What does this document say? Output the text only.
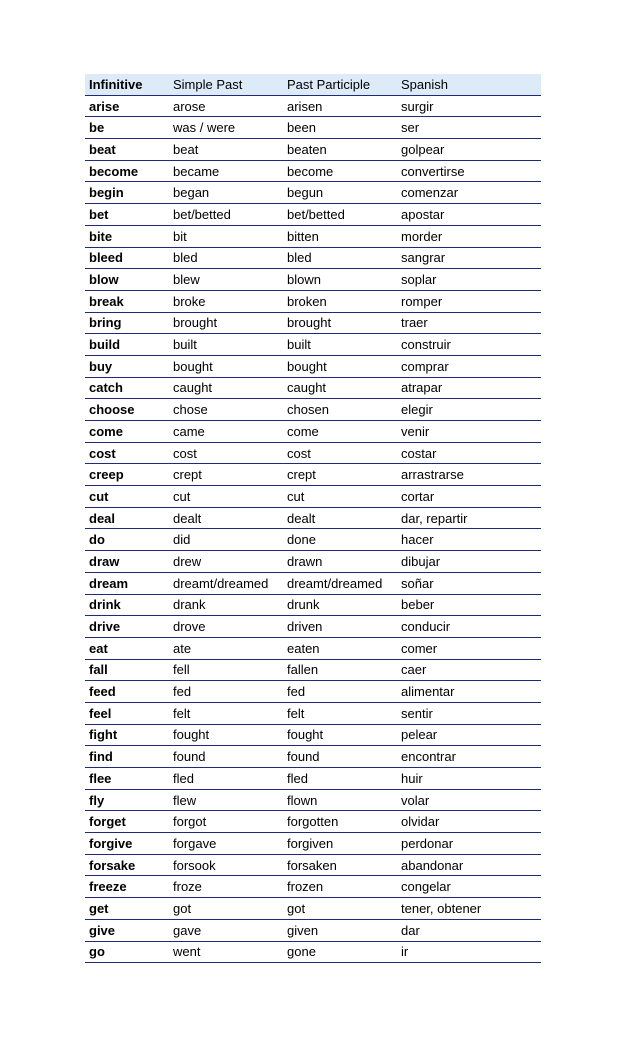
Infinitive	Simple Past	Past Participle	Spanish
arise	arose	arisen	surgir
be	was / were	been	ser
beat	beat	beaten	golpear
become	became	become	convertirse
begin	began	begun	comenzar
bet	bet/betted	bet/betted	apostar
bite	bit	bitten	morder
bleed	bled	bled	sangrar
blow	blew	blown	soplar
break	broke	broken	romper
bring	brought	brought	traer
build	built	built	construir
buy	bought	bought	comprar
catch	caught	caught	atrapar
choose	chose	chosen	elegir
come	came	come	venir
cost	cost	cost	costar
creep	crept	crept	arrastrarse
cut	cut	cut	cortar
deal	dealt	dealt	dar, repartir
do	did	done	hacer
draw	drew	drawn	dibujar
dream	dreamt/dreamed	dreamt/dreamed	soñar
drink	drank	drunk	beber
drive	drove	driven	conducir
eat	ate	eaten	comer
fall	fell	fallen	caer
feed	fed	fed	alimentar
feel	felt	felt	sentir
fight	fought	fought	pelear
find	found	found	encontrar
flee	fled	fled	huir
fly	flew	flown	volar
forget	forgot	forgotten	olvidar
forgive	forgave	forgiven	perdonar
forsake	forsook	forsaken	abandonar
freeze	froze	frozen	congelar
get	got	got	tener, obtener
give	gave	given	dar
go	went	gone	ir
